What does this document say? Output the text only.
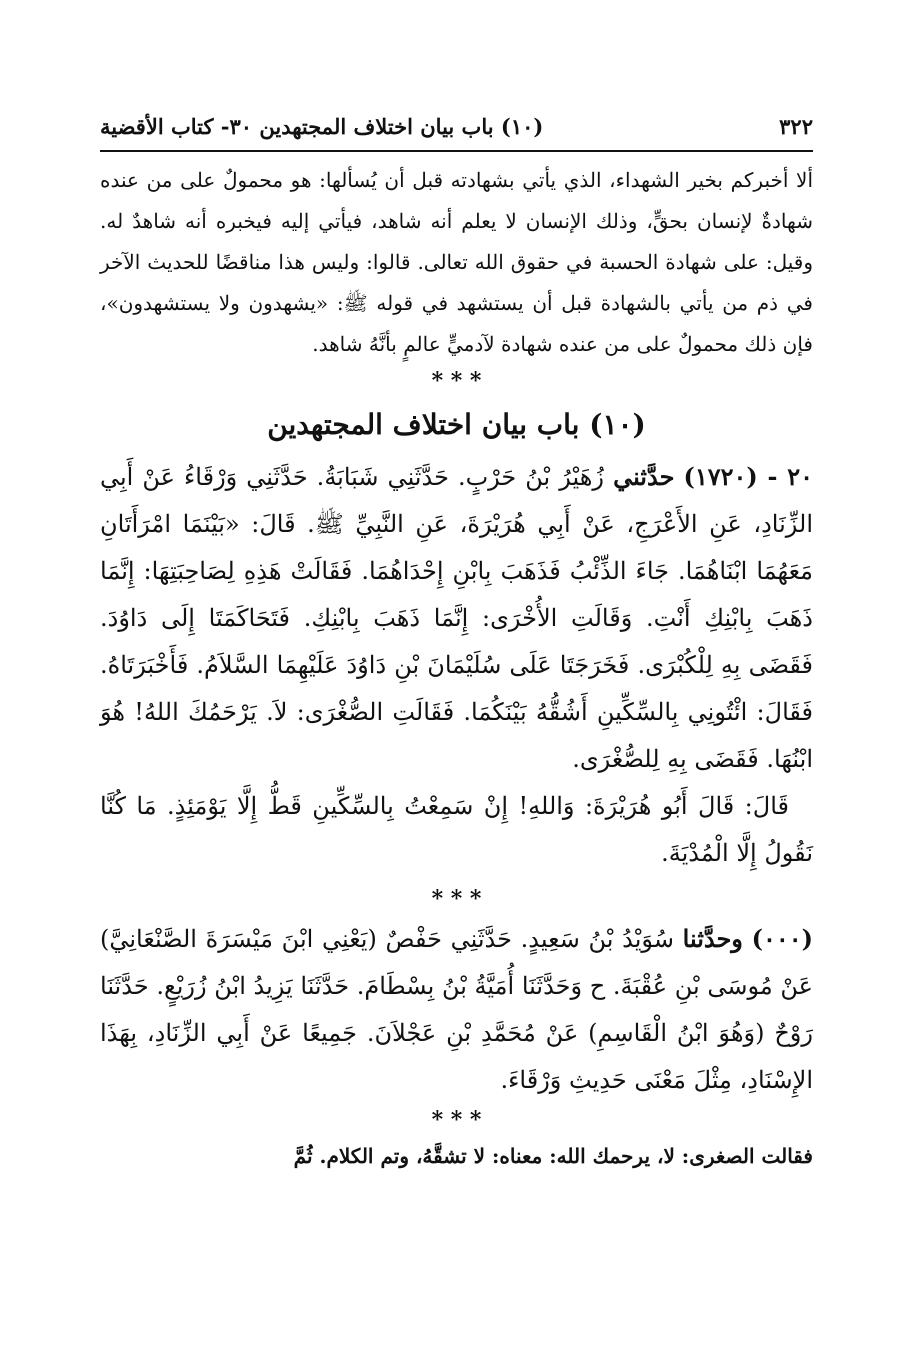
٣٢٢
(١٠) باب بيان اختلاف المجتهدين ٣٠- كتاب الأقضية

ألا أخبركم بخير الشهداء، الذي يأتي بشهادته قبل أن يُسألها: هو محمولٌ على من عنده شهادةٌ لإنسان بحقٍّ، وذلك الإنسان لا يعلم أنه شاهد، فيأتي إليه فيخبره أنه شاهدٌ له. وقيل: على شهادة الحسبة في حقوق الله تعالى. قالوا: وليس هذا مناقضًا للحديث الآخر في ذم من يأتي بالشهادة قبل أن يستشهد في قوله ﷺ: «يشهدون ولا يستشهدون»، فإن ذلك محمولٌ على من عنده شهادة لآدميٍّ عالمٍ بأنَّهُ شاهد.

* * *

(١٠) باب بيان اختلاف المجتهدين

٢٠ - (١٧٢٠) حدَّثني زُهَيْرُ بْنُ حَرْبٍ. حَدَّثَنِي شَبَابَةُ. حَدَّثَنِي وَرْقَاءُ عَنْ أَبِي الزِّنَادِ، عَنِ الأَعْرَجِ، عَنْ أَبِي هُرَيْرَةَ، عَنِ النَّبِيِّ ﷺ. قَالَ: «بَيْنَمَا امْرَأَتَانِ مَعَهُمَا ابْنَاهُمَا. جَاءَ الذِّئْبُ فَذَهَبَ بِابْنِ إِحْدَاهُمَا. فَقَالَتْ هَذِهِ لِصَاحِبَتِهَا: إِنَّمَا ذَهَبَ بِابْنِكِ أَنْتِ. وَقَالَتِ الأُخْرَى: إِنَّمَا ذَهَبَ بِابْنِكِ. فَتَحَاكَمَتَا إِلَى دَاوُدَ. فَقَضَى بِهِ لِلْكُبْرَى. فَخَرَجَتَا عَلَى سُلَيْمَانَ بْنِ دَاوُدَ عَلَيْهِمَا السَّلاَمُ. فَأَخْبَرَتَاهُ. فَقَالَ: ائْتُونِي بِالسِّكِّينِ أَشُقُّهُ بَيْنَكُمَا. فَقَالَتِ الصُّغْرَى: لاَ. يَرْحَمُكَ اللهُ! هُوَ ابْنُهَا. فَقَضَى بِهِ لِلصُّغْرَى.

قَالَ: قَالَ أَبُو هُرَيْرَةَ: وَاللهِ! إِنْ سَمِعْتُ بِالسِّكِّينِ قَطُّ إِلَّا يَوْمَئِذٍ. مَا كُنَّا نَقُولُ إِلَّا الْمُدْيَةَ.

* * *

(٠٠٠) وحدَّثنا سُوَيْدُ بْنُ سَعِيدٍ. حَدَّثَنِي حَفْصٌ (يَعْنِي ابْنَ مَيْسَرَةَ الصَّنْعَانِيَّ) عَنْ مُوسَى بْنِ عُقْبَةَ. ح وَحَدَّثَنَا أُمَيَّةُ بْنُ بِسْطَامَ. حَدَّثَنَا يَزِيدُ ابْنُ زُرَيْعٍ. حَدَّثَنَا رَوْحٌ (وَهُوَ ابْنُ الْقَاسِمِ) عَنْ مُحَمَّدِ بْنِ عَجْلاَنَ. جَمِيعًا عَنْ أَبِي الزِّنَادِ، بِهَذَا الإِسْنَادِ، مِثْلَ مَعْنَى حَدِيثِ وَرْقَاءَ.

* * *

فقالت الصغرى: لا، يرحمك الله: معناه: لا تشقَّهُ، وتم الكلام. ثُمَّ
